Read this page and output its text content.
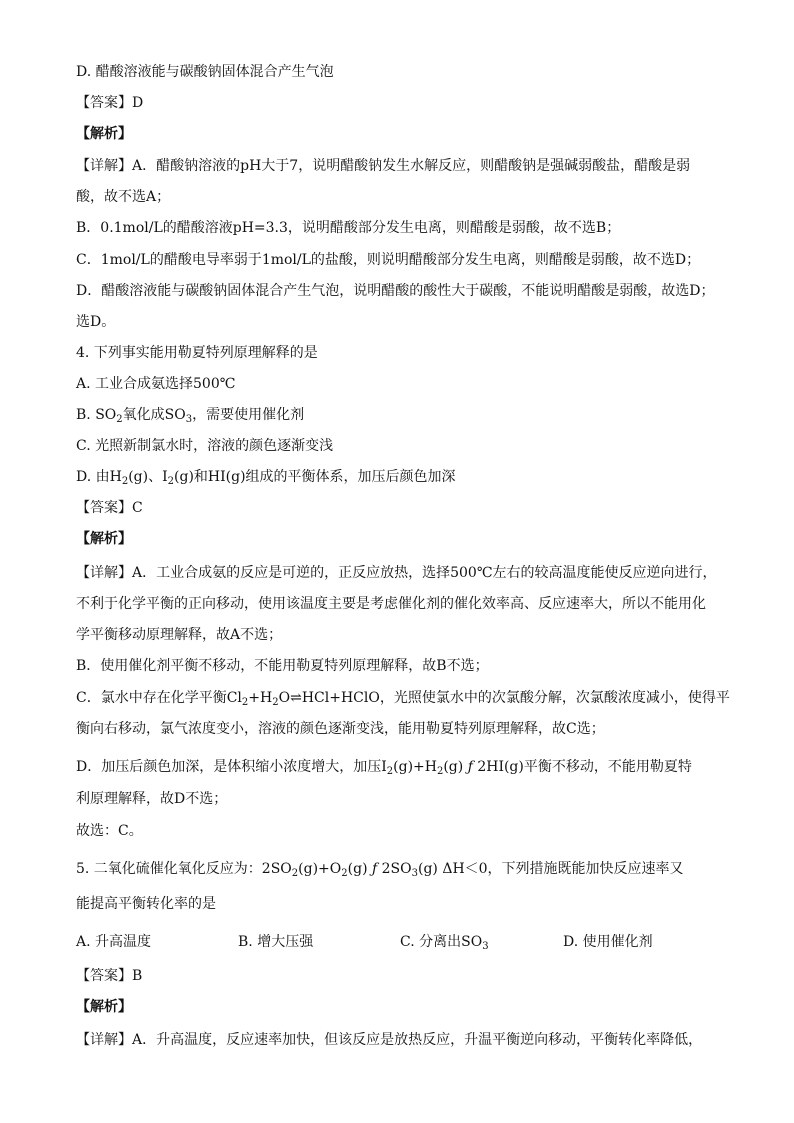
D. 醋酸溶液能与碳酸钠固体混合产生气泡
【答案】D
【解析】
【详解】A．醋酸钠溶液的pH大于7，说明醋酸钠发生水解反应，则醋酸钠是强碱弱酸盐，醋酸是弱
酸，故不选A；
B．0.1mol/L的醋酸溶液pH=3.3，说明醋酸部分发生电离，则醋酸是弱酸，故不选B；
C．1mol/L的醋酸电导率弱于1mol/L的盐酸，则说明醋酸部分发生电离，则醋酸是弱酸，故不选D；
D．醋酸溶液能与碳酸钠固体混合产生气泡，说明醋酸的酸性大于碳酸，不能说明醋酸是弱酸，故选D；
选D。
4. 下列事实能用勒夏特列原理解释的是
A. 工业合成氨选择500℃
B. $SO_2$氧化成$SO_3$，需要使用催化剂
C. 光照新制氯水时，溶液的颜色逐渐变浅
D. 由$H_2(g)$、$I_2(g)$和HI(g)组成的平衡体系，加压后颜色加深
【答案】C
【解析】
【详解】A．工业合成氨的反应是可逆的，正反应放热，选择500℃左右的较高温度能使反应逆向进行，
不利于化学平衡的正向移动，使用该温度主要是考虑催化剂的催化效率高、反应速率大，所以不能用化
学平衡移动原理解释，故A不选；
B．使用催化剂平衡不移动，不能用勒夏特列原理解释，故B不选；
C．氯水中存在化学平衡$Cl_2+H_2O\rightleftharpoons HCl+HClO$，光照使氯水中的次氯酸分解，次氯酸浓度减小，使得平
衡向右移动，氯气浓度变小，溶液的颜色逐渐变浅，能用勒夏特列原理解释，故C选；
D．加压后颜色加深，是体积缩小浓度增大，加压$I_2(g)+H_2(g)$ ƒ 2HI(g)平衡不移动，不能用勒夏特
利原理解释，故D不选；
故选：C。
5. 二氧化硫催化氧化反应为：$2SO_2(g)+O_2(g)$ ƒ $2SO_3(g)$ ΔH＜0，下列措施既能加快反应速率又
能提高平衡转化率的是
A. 升高温度	B. 增大压强	C. 分离出$SO_3$	D. 使用催化剂
【答案】B
【解析】
【详解】A．升高温度，反应速率加快，但该反应是放热反应，升温平衡逆向移动，平衡转化率降低，
